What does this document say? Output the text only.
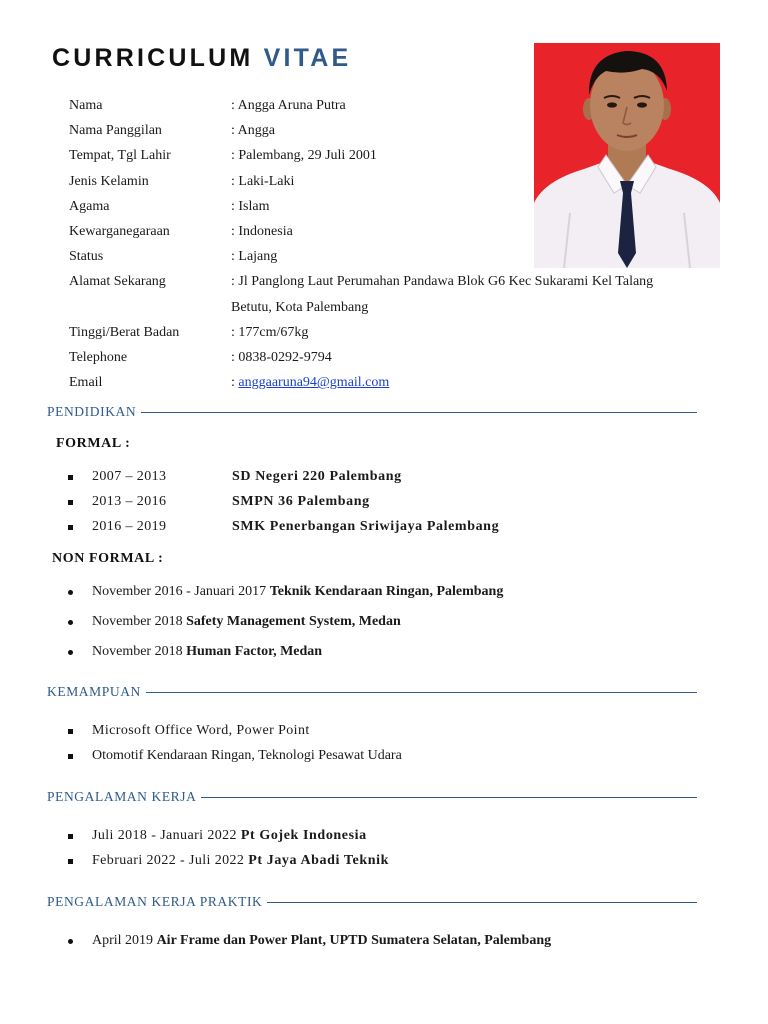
CURRICULUM VITAE
Nama	: Angga Aruna Putra
Nama Panggilan	: Angga
Tempat, Tgl Lahir	: Palembang, 29 Juli 2001
Jenis Kelamin	: Laki-Laki
Agama	: Islam
Kewarganegaraan	: Indonesia
Status	: Lajang
Alamat Sekarang	: Jl Panglong Laut Perumahan Pandawa Blok G6 Kec Sukarami Kel Talang
Betutu, Kota Palembang
Tinggi/Berat Badan	: 177cm/67kg
Telephone	: 0838-0292-9794
Email	: anggaaruna94@gmail.com
PENDIDIKAN
FORMAL :
2007 – 2013	SD Negeri 220 Palembang
2013 – 2016	SMPN 36 Palembang
2016 – 2019	SMK Penerbangan Sriwijaya Palembang
NON FORMAL :
November 2016 - Januari 2017 Teknik Kendaraan Ringan, Palembang
November 2018 Safety Management System, Medan
November 2018 Human Factor, Medan
KEMAMPUAN
Microsoft Office Word, Power Point
Otomotif Kendaraan Ringan, Teknologi Pesawat Udara
PENGALAMAN KERJA
Juli 2018 - Januari 2022 Pt Gojek Indonesia
Februari 2022 - Juli 2022 Pt Jaya Abadi Teknik
PENGALAMAN KERJA PRAKTIK
April 2019 Air Frame dan Power Plant, UPTD Sumatera Selatan, Palembang
